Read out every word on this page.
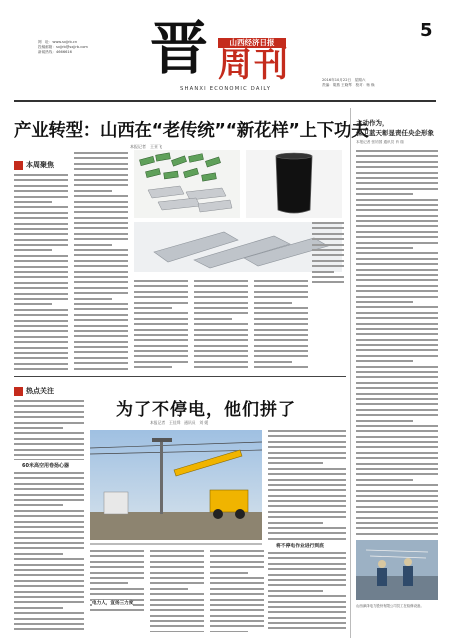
网　址：www.sxjjrb.cn
投稿邮箱：sxjjrb@sxjjrb.com
新闻热线：4666616	晋	山西经济日报
周刊
SHANXI ECONOMIC DAILY
5
2016年10月22日　星期六
责编：胡燕 王晓琴　校对：杨 焕
产业转型：山西在“老传统”“新花样”上下功夫
本报记者　王亚飞
本周聚焦
主动作为，
保卫蓝天彰显责任央企形象
本报记者 张钧国 通讯员 肖 瑞
山西漳泽电力股份有限公司员工在检修设备。
热点关注
为了不停电，他们拼了
本报记者　王佳舜　通讯员　刘 媛
60米高空用卷扬心器
电力人，宣扬三力度
将不停电作业进行到底
